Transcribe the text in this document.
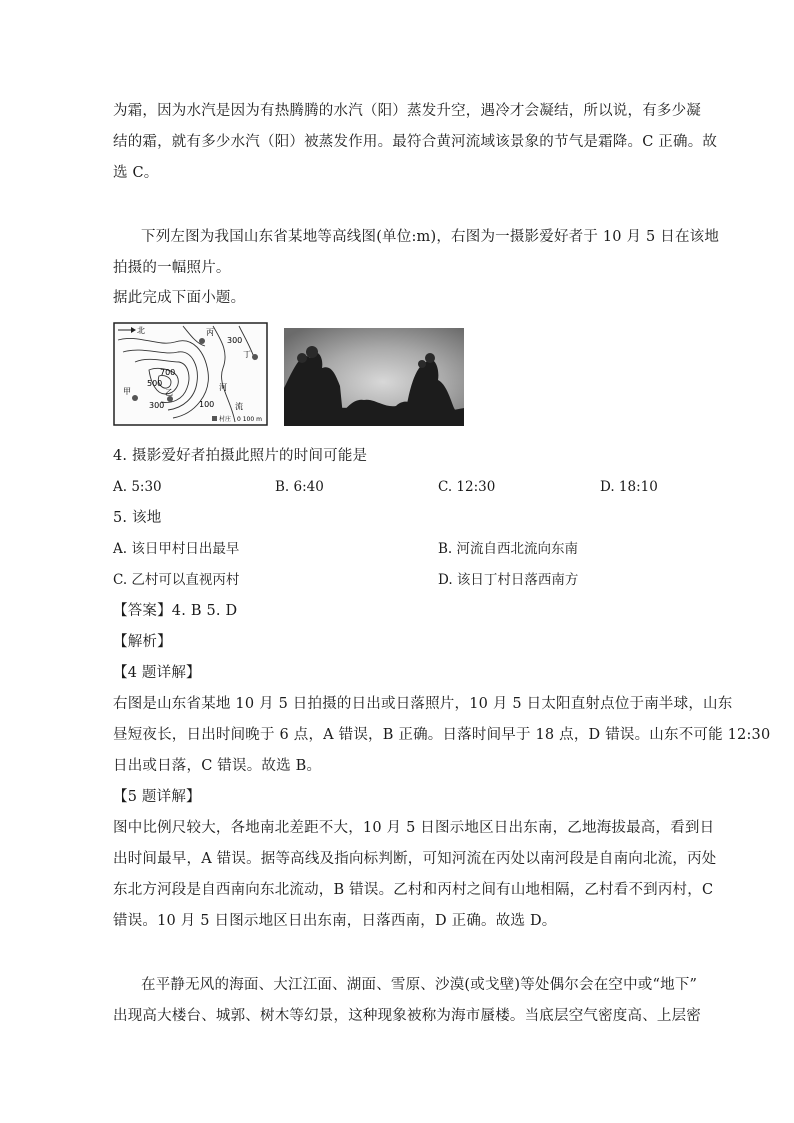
为霜，因为水汽是因为有热腾腾的水汽（阳）蒸发升空，遇冷才会凝结，所以说，有多少凝
结的霜，就有多少水汽（阳）被蒸发作用。最符合黄河流域该景象的节气是霜降。C 正确。故
选 C。
下列左图为我国山东省某地等高线图(单位:m)，右图为一摄影爱好者于 10 月 5 日在该地
拍摄的一幅照片。
据此完成下面小题。
北
300
500
700
300	100
丙
丁
甲	乙
河
流
村庄 0 100 m
4. 摄影爱好者拍摄此照片的时间可能是
A. 5:30	B. 6:40	C. 12:30	D. 18:10
5. 该地
A. 该日甲村日出最早	B. 河流自西北流向东南
C. 乙村可以直视丙村	D. 该日丁村日落西南方
【答案】4. B 5. D
【解析】
【4 题详解】
右图是山东省某地 10 月 5 日拍摄的日出或日落照片，10 月 5 日太阳直射点位于南半球，山东
昼短夜长，日出时间晚于 6 点，A 错误，B 正确。日落时间早于 18 点，D 错误。山东不可能 12:30
日出或日落，C 错误。故选 B。
【5 题详解】
图中比例尺较大，各地南北差距不大，10 月 5 日图示地区日出东南，乙地海拔最高，看到日
出时间最早，A 错误。据等高线及指向标判断，可知河流在丙处以南河段是自南向北流，丙处
东北方河段是自西南向东北流动，B 错误。乙村和丙村之间有山地相隔，乙村看不到丙村，C
错误。10 月 5 日图示地区日出东南，日落西南，D 正确。故选 D。
在平静无风的海面、大江江面、湖面、雪原、沙漠(或戈壁)等处偶尔会在空中或“地下”
出现高大楼台、城郭、树木等幻景，这种现象被称为海市蜃楼。当底层空气密度高、上层密
